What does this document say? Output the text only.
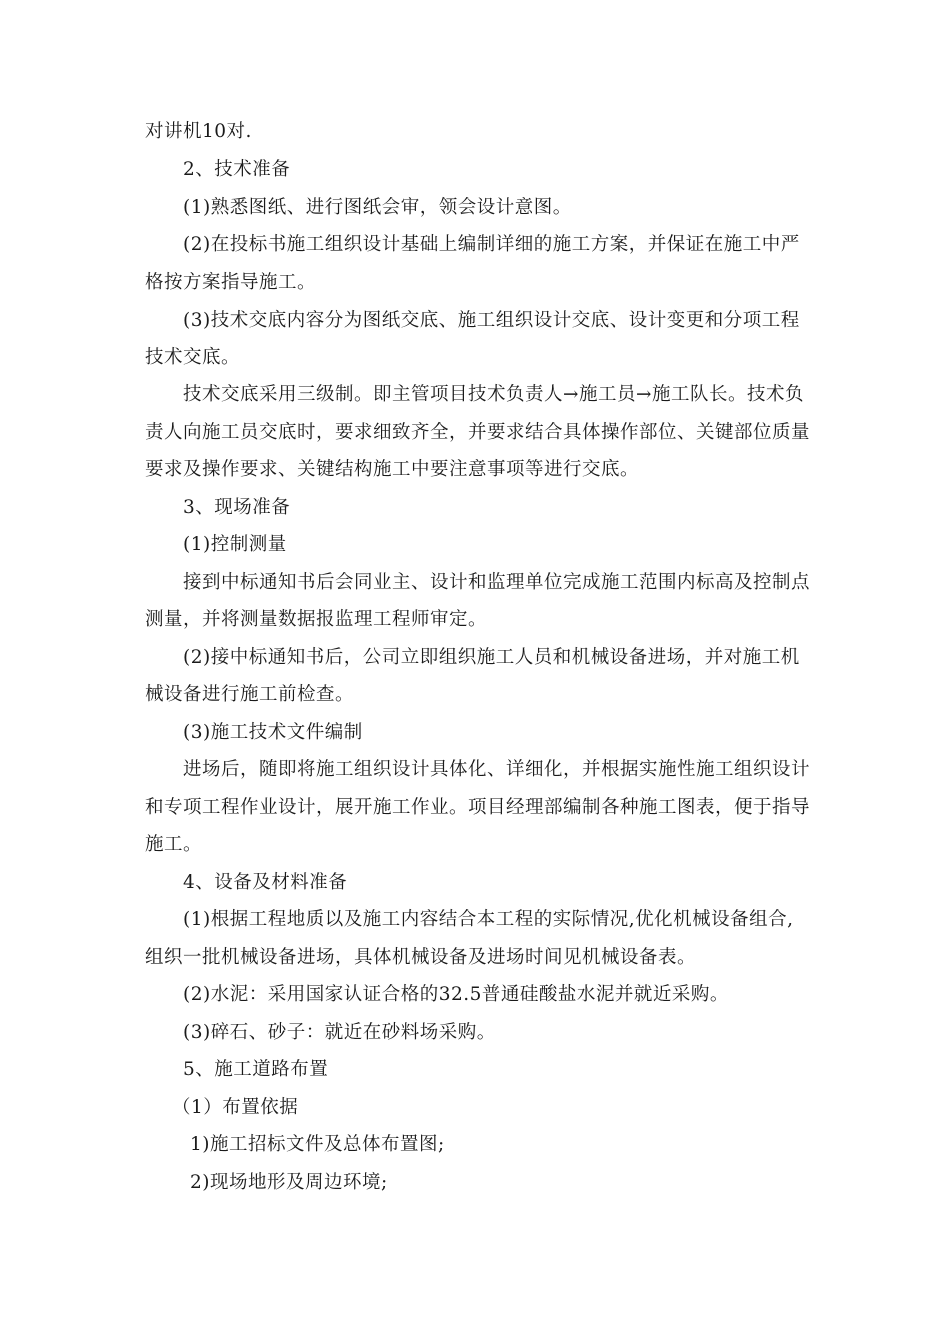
对讲机10对.
2、技术准备
(1)熟悉图纸、进行图纸会审，领会设计意图。
(2)在投标书施工组织设计基础上编制详细的施工方案，并保证在施工中严
格按方案指导施工。
(3)技术交底内容分为图纸交底、施工组织设计交底、设计变更和分项工程
技术交底。
技术交底采用三级制。即主管项目技术负责人→施工员→施工队长。技术负
责人向施工员交底时，要求细致齐全，并要求结合具体操作部位、关键部位质量
要求及操作要求、关键结构施工中要注意事项等进行交底。
3、现场准备
(1)控制测量
接到中标通知书后会同业主、设计和监理单位完成施工范围内标高及控制点
测量，并将测量数据报监理工程师审定。
(2)接中标通知书后，公司立即组织施工人员和机械设备进场，并对施工机
械设备进行施工前检查。
(3)施工技术文件编制
进场后，随即将施工组织设计具体化、详细化，并根据实施性施工组织设计
和专项工程作业设计，展开施工作业。项目经理部编制各种施工图表，便于指导
施工。
4、设备及材料准备
(1)根据工程地质以及施工内容结合本工程的实际情况,优化机械设备组合,
组织一批机械设备进场，具体机械设备及进场时间见机械设备表。
(2)水泥：采用国家认证合格的32.5普通硅酸盐水泥并就近采购。
(3)碎石、砂子：就近在砂料场采购。
5、施工道路布置
（1）布置依据
1)施工招标文件及总体布置图;
2)现场地形及周边环境;
